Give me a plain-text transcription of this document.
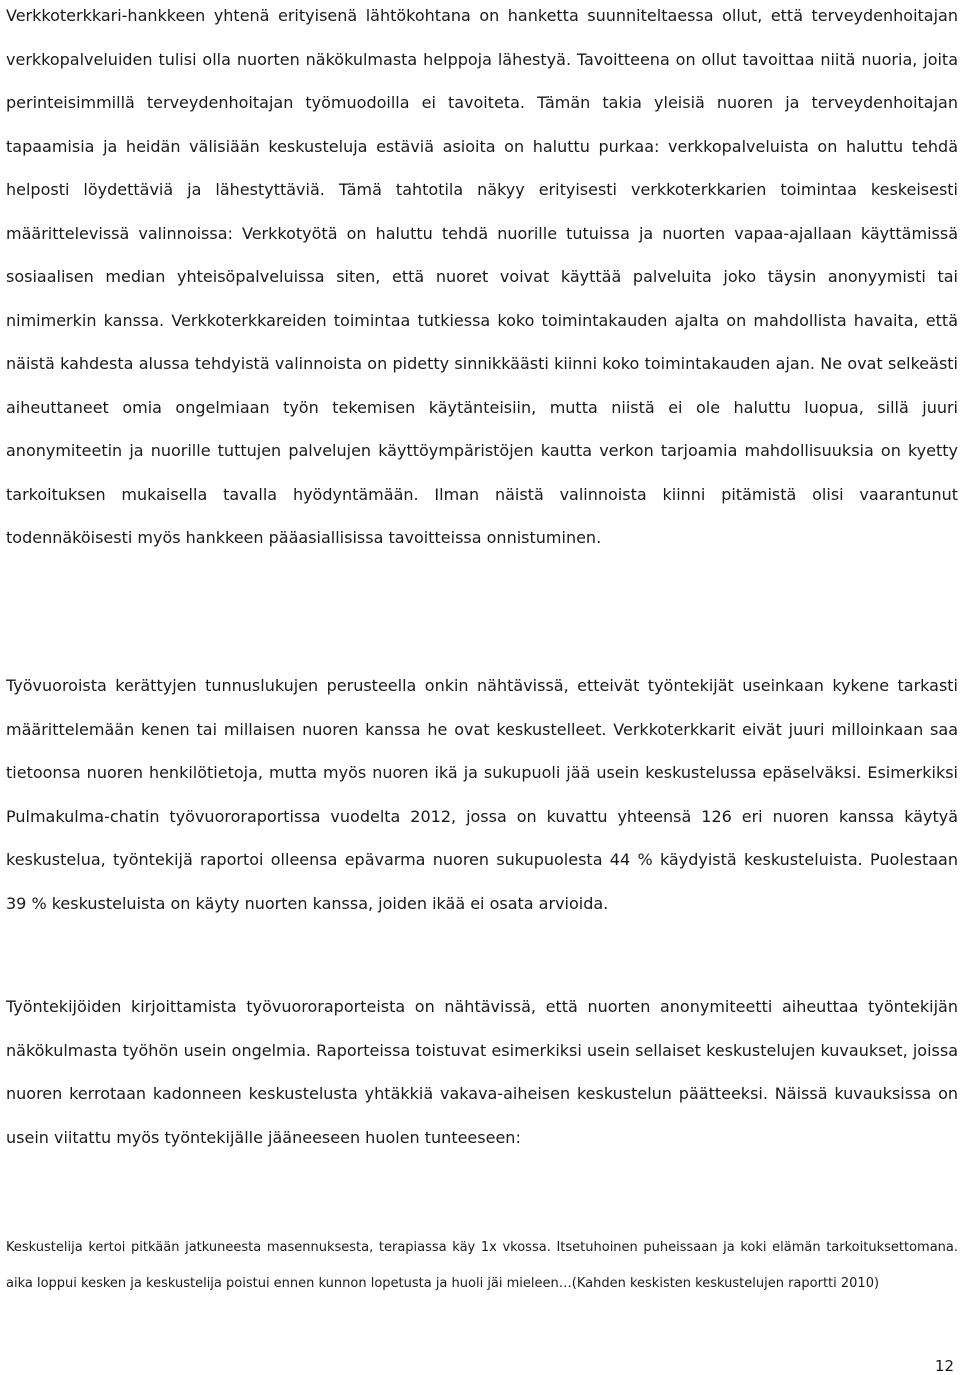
Verkkoterkkari-hankkeen yhtenä erityisenä lähtökohtana on hanketta suunniteltaessa ollut, että terveydenhoitajan verkkopalveluiden tulisi olla nuorten näkökulmasta helppoja lähestyä. Tavoitteena on ollut tavoittaa niitä nuoria, joita perinteisimmillä terveydenhoitajan työmuodoilla ei tavoiteta. Tämän takia yleisiä nuoren ja terveydenhoitajan tapaamisia ja heidän välisiään keskusteluja estäviä asioita on haluttu purkaa: verkkopalveluista on haluttu tehdä helposti löydettäviä ja lähestyttäviä. Tämä tahtotila näkyy erityisesti verkkoterkkarien toimintaa keskeisesti määrittelevissä valinnoissa: Verkkotyötä on haluttu tehdä nuorille tutuissa ja nuorten vapaa-ajallaan käyttämissä sosiaalisen median yhteisöpalveluissa siten, että nuoret voivat käyttää palveluita joko täysin anonyymisti tai nimimerkin kanssa. Verkkoterkkareiden toimintaa tutkiessa koko toimintakauden ajalta on mahdollista havaita, että näistä kahdesta alussa tehdyistä valinnoista on pidetty sinnikkäästi kiinni koko toimintakauden ajan. Ne ovat selkeästi aiheuttaneet omia ongelmiaan työn tekemisen käytänteisiin, mutta niistä ei ole haluttu luopua, sillä juuri anonymiteetin ja nuorille tuttujen palvelujen käyttöympäristöjen kautta verkon tarjoamia mahdollisuuksia on kyetty tarkoituksen mukaisella tavalla hyödyntämään. Ilman näistä valinnoista kiinni pitämistä olisi vaarantunut todennäköisesti myös hankkeen pääasiallisissa tavoitteissa onnistuminen.

Työvuoroista kerättyjen tunnuslukujen perusteella onkin nähtävissä, etteivät työntekijät useinkaan kykene tarkasti määrittelemään kenen tai millaisen nuoren kanssa he ovat keskustelleet. Verkkoterkkarit eivät juuri milloinkaan saa tietoonsa nuoren henkilötietoja, mutta myös nuoren ikä ja sukupuoli jää usein keskustelussa epäselväksi. Esimerkiksi Pulmakulma-chatin työvuororaportissa vuodelta 2012, jossa on kuvattu yhteensä 126 eri nuoren kanssa käytyä keskustelua, työntekijä raportoi olleensa epävarma nuoren sukupuolesta 44 % käydyistä keskusteluista. Puolestaan 39 % keskusteluista on käyty nuorten kanssa, joiden ikää ei osata arvioida.

Työntekijöiden kirjoittamista työvuororaporteista on nähtävissä, että nuorten anonymiteetti aiheuttaa työntekijän näkökulmasta työhön usein ongelmia. Raporteissa toistuvat esimerkiksi usein sellaiset keskustelujen kuvaukset, joissa nuoren kerrotaan kadonneen keskustelusta yhtäkkiä vakava-aiheisen keskustelun päätteeksi. Näissä kuvauksissa on usein viitattu myös työntekijälle jääneeseen huolen tunteeseen:

Keskustelija kertoi pitkään jatkuneesta masennuksesta, terapiassa käy 1x vkossa. Itsetuhoinen puheissaan ja koki elämän tarkoituksettomana. aika loppui kesken ja keskustelija poistui ennen kunnon lopetusta ja huoli jäi mieleen…(Kahden keskisten keskustelujen raportti 2010)

12
